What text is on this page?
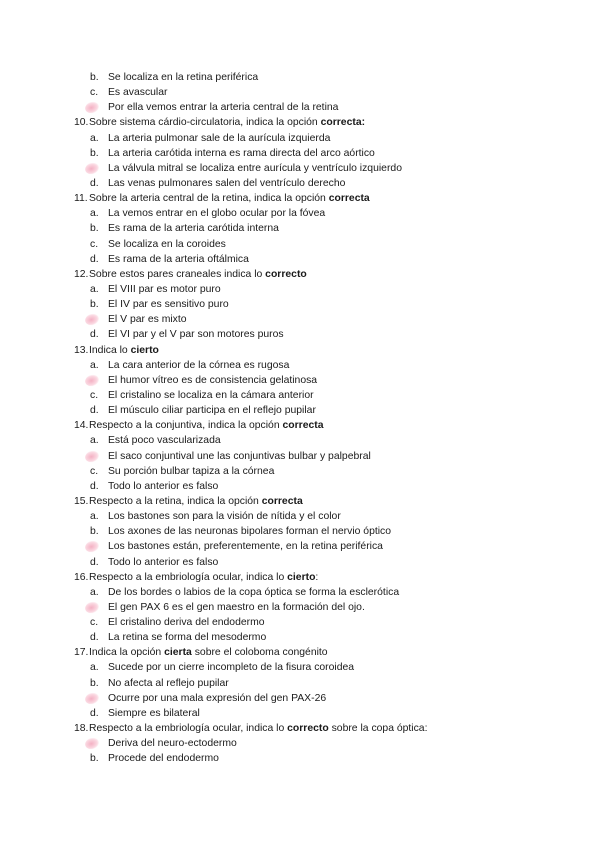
b. Se localiza en la retina periférica
c. Es avascular
Por ella vemos entrar la arteria central de la retina
10.Sobre sistema cárdio-circulatoria, indica la opción correcta:
a. La arteria pulmonar sale de la aurícula izquierda
b. La arteria carótida interna es rama directa del arco aórtico
La válvula mitral se localiza entre aurícula y ventrículo izquierdo
d. Las venas pulmonares salen del ventrículo derecho
11.Sobre la arteria central de la retina, indica la opción correcta
a. La vemos entrar en el globo ocular por la fóvea
b. Es rama de la arteria carótida interna
c. Se localiza en la coroides
d. Es rama de la arteria oftálmica
12.Sobre estos pares craneales indica lo correcto
a. El VIII par es motor puro
b. El IV par es sensitivo puro
El V par es mixto
d. El VI par y el V par son motores puros
13.Indica lo cierto
a. La cara anterior de la córnea es rugosa
El humor vítreo es de consistencia gelatinosa
c. El cristalino se localiza en la cámara anterior
d. El músculo ciliar participa en el reflejo pupilar
14.Respecto a la conjuntiva, indica la opción correcta
a. Está poco vascularizada
El saco conjuntival une las conjuntivas bulbar y palpebral
c. Su porción bulbar tapiza a la córnea
d. Todo lo anterior es falso
15.Respecto a la retina, indica la opción correcta
a. Los bastones son para la visión de nítida y el color
b. Los axones de las neuronas bipolares forman el nervio óptico
Los bastones están, preferentemente, en la retina periférica
d. Todo lo anterior es falso
16.Respecto a la embriología ocular, indica lo cierto:
a. De los bordes o labios de la copa óptica se forma la esclerótica
El gen PAX 6 es el gen maestro en la formación del ojo.
c. El cristalino deriva del endodermo
d. La retina se forma del mesodermo
17.Indica la opción cierta sobre el coloboma congénito
a. Sucede por un cierre incompleto de la fisura coroidea
b. No afecta al reflejo pupilar
Ocurre por una mala expresión del gen PAX-26
d. Siempre es bilateral
18.Respecto a la embriología ocular, indica lo correcto sobre la copa óptica:
Deriva del neuro-ectodermo
b. Procede del endodermo
